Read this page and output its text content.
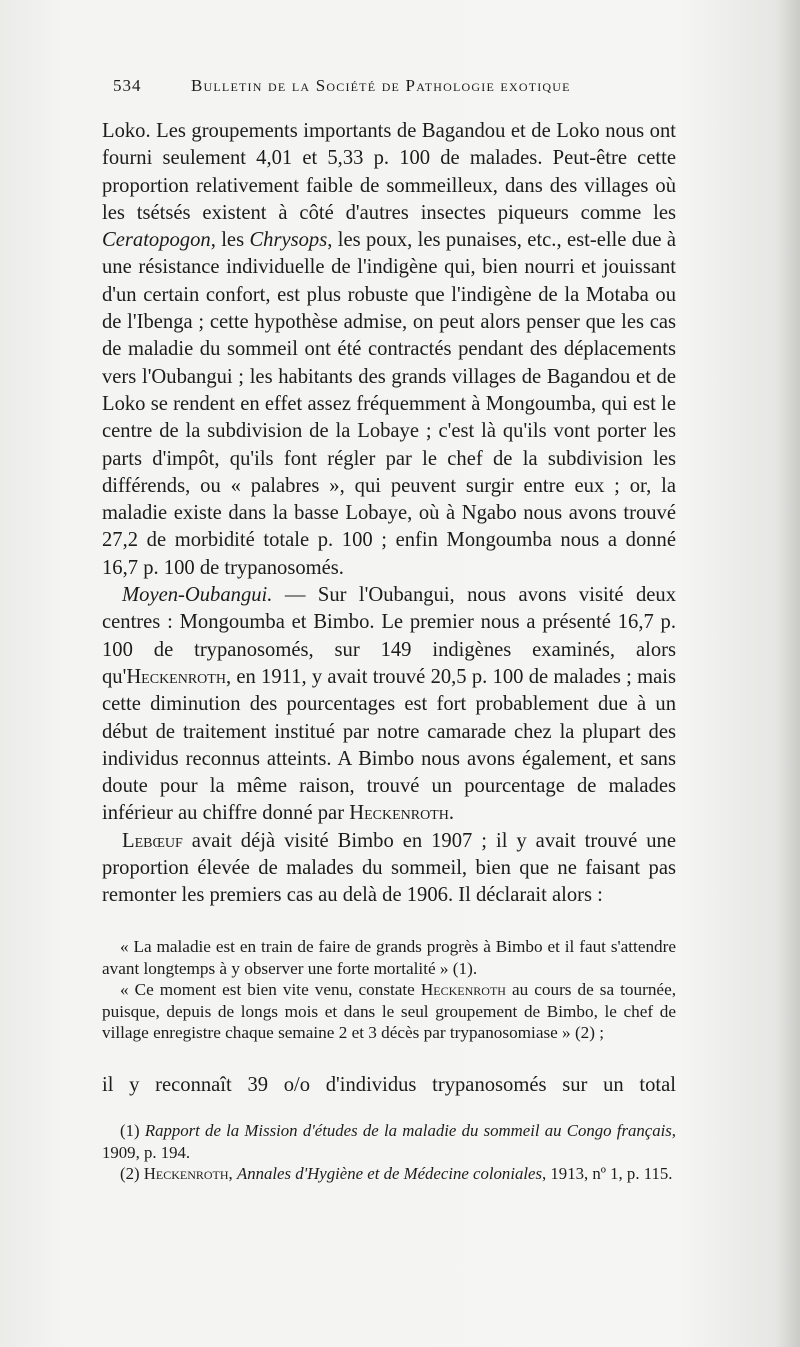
534	Bulletin de la Société de Pathologie exotique

Loko. Les groupements importants de Bagandou et de Loko nous ont fourni seulement 4,01 et 5,33 p. 100 de malades. Peut-être cette proportion relativement faible de sommeilleux, dans des villages où les tsétsés existent à côté d'autres insectes piqueurs comme les Ceratopogon, les Chrysops, les poux, les punaises, etc., est-elle due à une résistance individuelle de l'indigène qui, bien nourri et jouissant d'un certain confort, est plus robuste que l'indigène de la Motaba ou de l'Ibenga ; cette hypothèse admise, on peut alors penser que les cas de maladie du sommeil ont été contractés pendant des déplacements vers l'Oubangui ; les habitants des grands villages de Bagandou et de Loko se rendent en effet assez fréquemment à Mongoumba, qui est le centre de la subdivision de la Lobaye ; c'est là qu'ils vont porter les parts d'impôt, qu'ils font régler par le chef de la subdivision les différends, ou « palabres », qui peuvent surgir entre eux ; or, la maladie existe dans la basse Lobaye, où à Ngabo nous avons trouvé 27,2 de morbidité totale p. 100 ; enfin Mongoumba nous a donné 16,7 p. 100 de trypanosomés.

Moyen-Oubangui. — Sur l'Oubangui, nous avons visité deux centres : Mongoumba et Bimbo. Le premier nous a présenté 16,7 p. 100 de trypanosomés, sur 149 indigènes examinés, alors qu'Heckenroth, en 1911, y avait trouvé 20,5 p. 100 de malades ; mais cette diminution des pourcentages est fort probablement due à un début de traitement institué par notre camarade chez la plupart des individus reconnus atteints. A Bimbo nous avons également, et sans doute pour la même raison, trouvé un pourcentage de malades inférieur au chiffre donné par Heckenroth.

Lebœuf avait déjà visité Bimbo en 1907 ; il y avait trouvé une proportion élevée de malades du sommeil, bien que ne faisant pas remonter les premiers cas au delà de 1906. Il déclarait alors :

« La maladie est en train de faire de grands progrès à Bimbo et il faut s'attendre avant longtemps à y observer une forte mortalité » (1).

« Ce moment est bien vite venu, constate Heckenroth au cours de sa tournée, puisque, depuis de longs mois et dans le seul groupement de Bimbo, le chef de village enregistre chaque semaine 2 et 3 décès par trypanosomiase » (2) ;

il y reconnaît 39 o/o d'individus trypanosomés sur un total

(1) Rapport de la Mission d'études de la maladie du sommeil au Congo français, 1909, p. 194.

(2) Heckenroth, Annales d'Hygiène et de Médecine coloniales, 1913, nº 1, p. 115.
